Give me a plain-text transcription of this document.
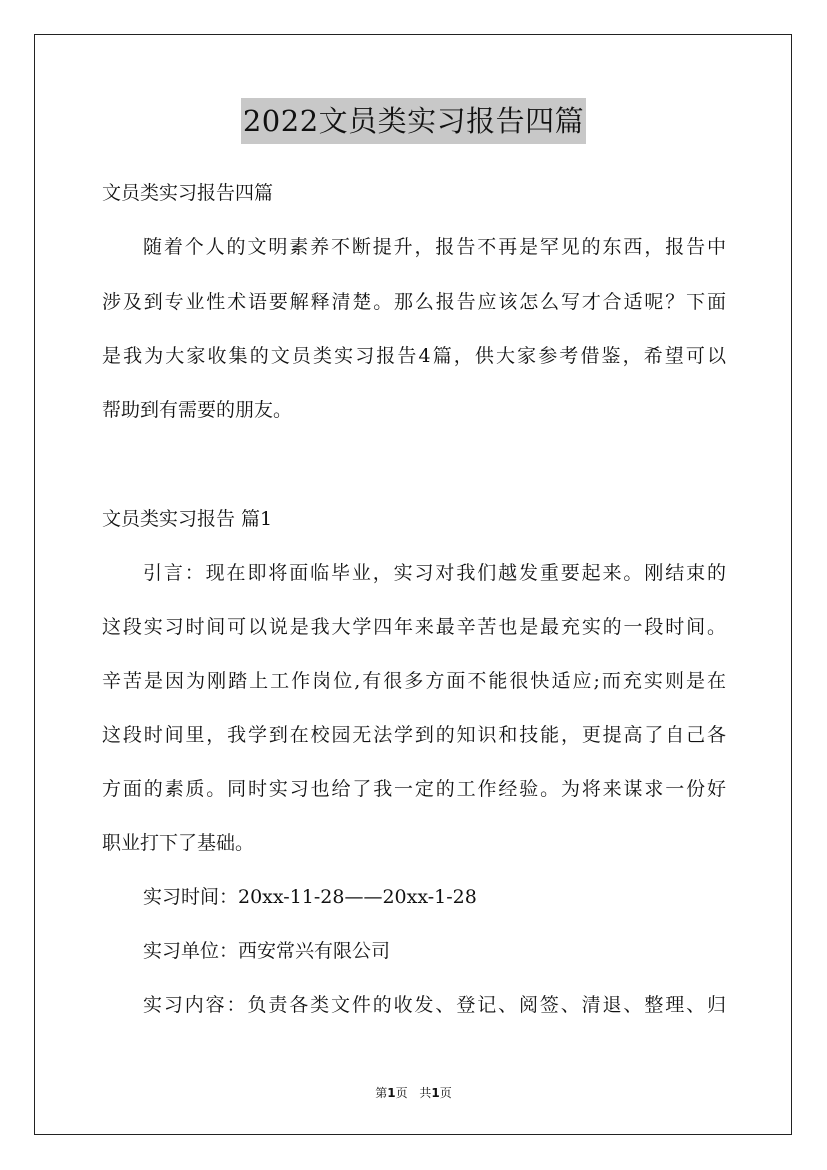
2022文员类实习报告四篇
文员类实习报告四篇
随着个人的文明素养不断提升，报告不再是罕见的东西，报告中
涉及到专业性术语要解释清楚。那么报告应该怎么写才合适呢？下面
是我为大家收集的文员类实习报告4篇，供大家参考借鉴，希望可以
帮助到有需要的朋友。
文员类实习报告 篇1
引言：现在即将面临毕业，实习对我们越发重要起来。刚结束的
这段实习时间可以说是我大学四年来最辛苦也是最充实的一段时间。
辛苦是因为刚踏上工作岗位,有很多方面不能很快适应;而充实则是在
这段时间里，我学到在校园无法学到的知识和技能，更提高了自己各
方面的素质。同时实习也给了我一定的工作经验。为将来谋求一份好
职业打下了基础。
实习时间：20xx-11-28——20xx-1-28
实习单位：西安常兴有限公司
实习内容：负责各类文件的收发、登记、阅签、清退、整理、归
第1页 共1页
